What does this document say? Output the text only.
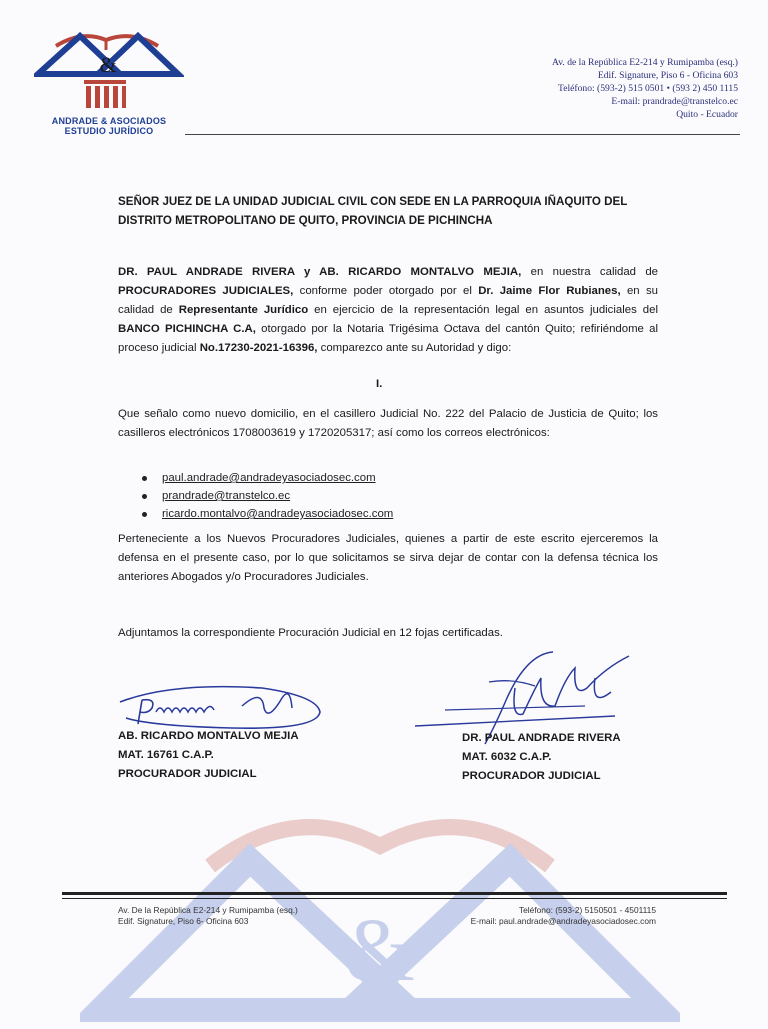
&
ANDRADE & ASOCIADOS
ESTUDIO JURÍDICO
Av. de la República E2-214 y Rumipamba (esq.)
Edif. Signature, Piso 6 - Oficina 603
Teléfono: (593-2) 515 0501 • (593 2) 450 1115
E-mail: prandrade@transtelco.ec
Quito - Ecuador
SEÑOR JUEZ DE LA UNIDAD JUDICIAL CIVIL CON SEDE EN LA PARROQUIA IÑAQUITO DEL
DISTRITO METROPOLITANO DE QUITO, PROVINCIA DE PICHINCHA
DR. PAUL ANDRADE RIVERA y AB. RICARDO MONTALVO MEJIA, en nuestra calidad de PROCURADORES JUDICIALES, conforme poder otorgado por el Dr. Jaime Flor Rubianes, en su calidad de Representante Jurídico en ejercicio de la representación legal en asuntos judiciales del BANCO PICHINCHA C.A, otorgado por la Notaria Trigésima Octava del cantón Quito; refiriéndome al proceso judicial No.17230-2021-16396, comparezco ante su Autoridad y digo:
I.
Que señalo como nuevo domicilio, en el casillero Judicial No. 222 del Palacio de Justicia de Quito; los casilleros electrónicos 1708003619 y 1720205317; así como los correos electrónicos:
paul.andrade@andradeyasociadosec.com
prandrade@transtelco.ec
ricardo.montalvo@andradeyasociadosec.com
Perteneciente a los Nuevos Procuradores Judiciales, quienes a partir de este escrito ejerceremos la defensa en el presente caso, por lo que solicitamos se sirva dejar de contar con la defensa técnica los anteriores Abogados y/o Procuradores Judiciales.
Adjuntamos la correspondiente Procuración Judicial en 12 fojas certificadas.
AB. RICARDO MONTALVO MEJIA
MAT. 16761 C.A.P.
PROCURADOR JUDICIAL
DR. PAUL ANDRADE RIVERA
MAT. 6032 C.A.P.
PROCURADOR JUDICIAL
&
Av. De la República E2-214 y Rumipamba (esq.)
Edif. Signature, Piso 6- Oficina 603
Teléfono: (593-2) 5150501 - 4501115
E-mail: paul.andrade@andradeyasociadosec.com
